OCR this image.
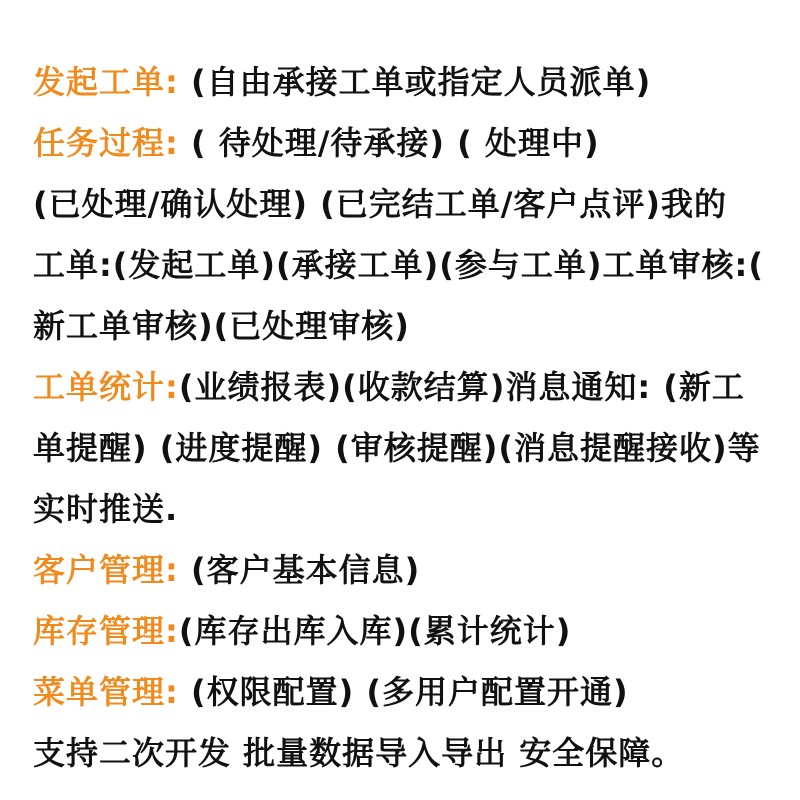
发起工单: (自由承接工单或指定人员派单)
任务过程: ( 待处理/待承接) ( 处理中)
(已处理/确认处理) (已完结工单/客户点评)我的
工单:(发起工单)(承接工单)(参与工单)工单审核:(
新工单审核)(已处理审核)
工单统计:(业绩报表)(收款结算)消息通知: (新工
单提醒) (进度提醒) (审核提醒)(消息提醒接收)等
实时推送.
客户管理: (客户基本信息)
库存管理:(库存出库入库)(累计统计)
菜单管理: (权限配置) (多用户配置开通)
支持二次开发 批量数据导入导出 安全保障。
